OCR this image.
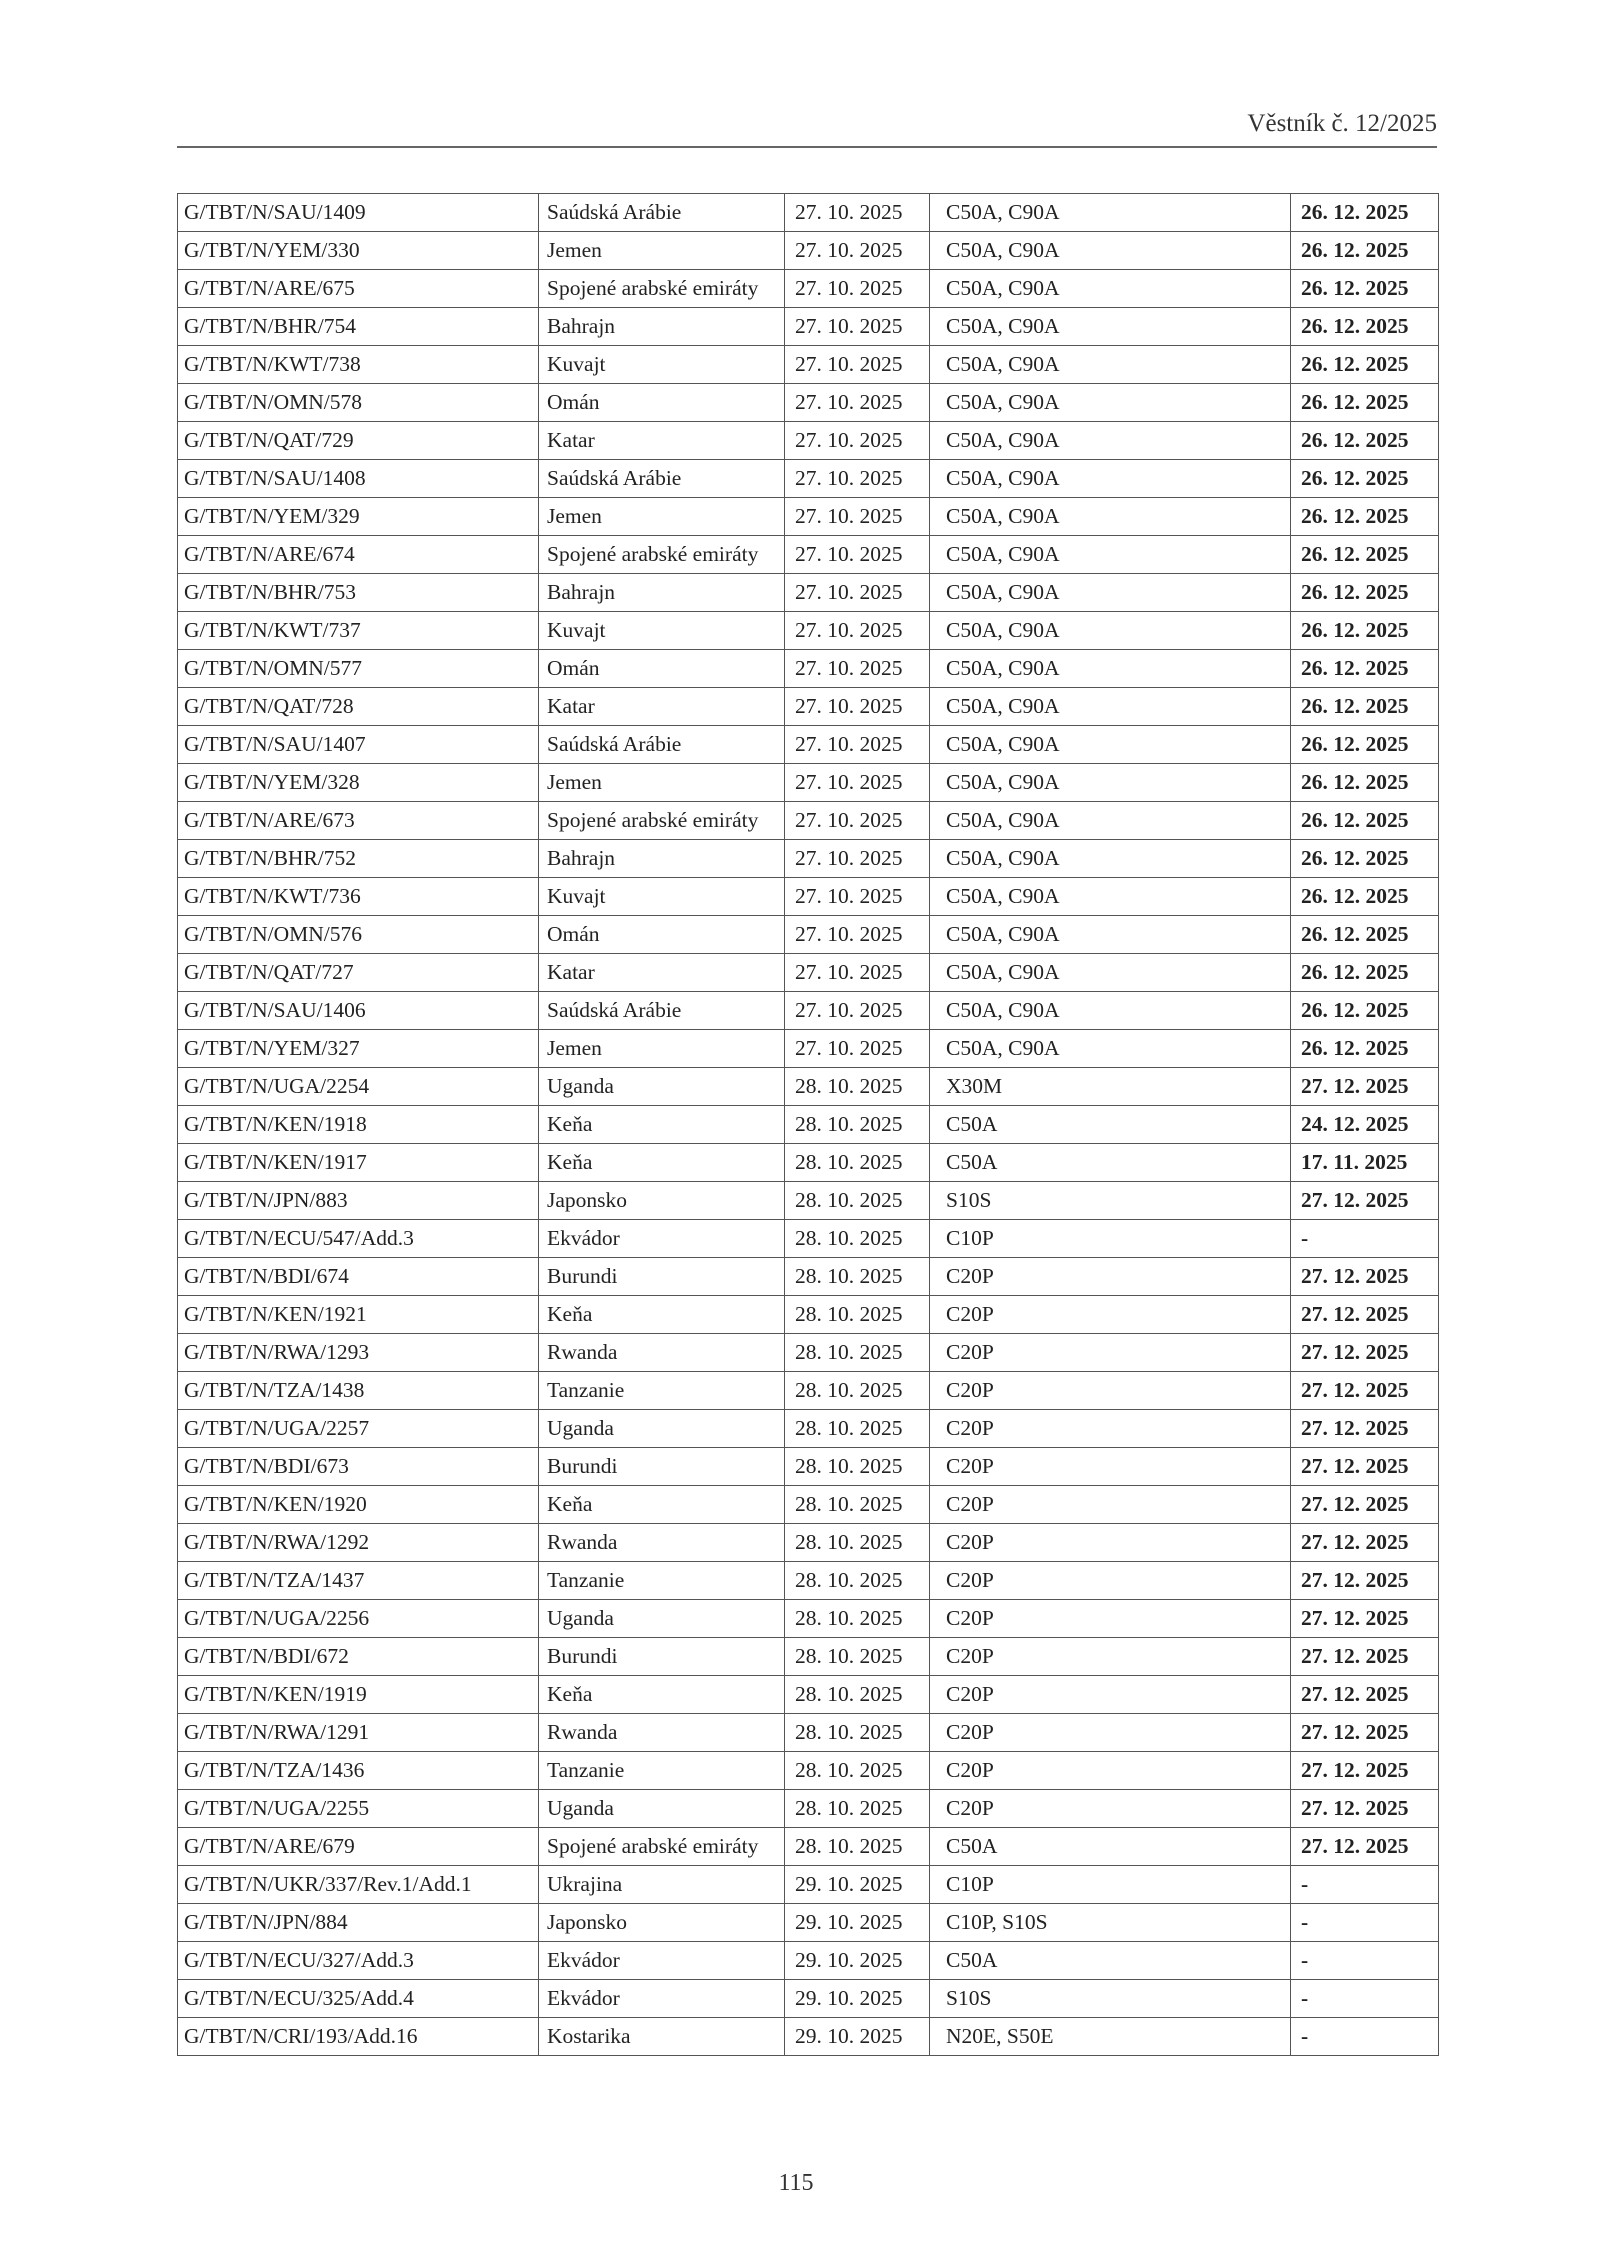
Věstník č. 12/2025
G/TBT/N/SAU/1409	Saúdská Arábie	27. 10. 2025	C50A, C90A	26. 12. 2025
G/TBT/N/YEM/330	Jemen	27. 10. 2025	C50A, C90A	26. 12. 2025
G/TBT/N/ARE/675	Spojené arabské emiráty	27. 10. 2025	C50A, C90A	26. 12. 2025
G/TBT/N/BHR/754	Bahrajn	27. 10. 2025	C50A, C90A	26. 12. 2025
G/TBT/N/KWT/738	Kuvajt	27. 10. 2025	C50A, C90A	26. 12. 2025
G/TBT/N/OMN/578	Omán	27. 10. 2025	C50A, C90A	26. 12. 2025
G/TBT/N/QAT/729	Katar	27. 10. 2025	C50A, C90A	26. 12. 2025
G/TBT/N/SAU/1408	Saúdská Arábie	27. 10. 2025	C50A, C90A	26. 12. 2025
G/TBT/N/YEM/329	Jemen	27. 10. 2025	C50A, C90A	26. 12. 2025
G/TBT/N/ARE/674	Spojené arabské emiráty	27. 10. 2025	C50A, C90A	26. 12. 2025
G/TBT/N/BHR/753	Bahrajn	27. 10. 2025	C50A, C90A	26. 12. 2025
G/TBT/N/KWT/737	Kuvajt	27. 10. 2025	C50A, C90A	26. 12. 2025
G/TBT/N/OMN/577	Omán	27. 10. 2025	C50A, C90A	26. 12. 2025
G/TBT/N/QAT/728	Katar	27. 10. 2025	C50A, C90A	26. 12. 2025
G/TBT/N/SAU/1407	Saúdská Arábie	27. 10. 2025	C50A, C90A	26. 12. 2025
G/TBT/N/YEM/328	Jemen	27. 10. 2025	C50A, C90A	26. 12. 2025
G/TBT/N/ARE/673	Spojené arabské emiráty	27. 10. 2025	C50A, C90A	26. 12. 2025
G/TBT/N/BHR/752	Bahrajn	27. 10. 2025	C50A, C90A	26. 12. 2025
G/TBT/N/KWT/736	Kuvajt	27. 10. 2025	C50A, C90A	26. 12. 2025
G/TBT/N/OMN/576	Omán	27. 10. 2025	C50A, C90A	26. 12. 2025
G/TBT/N/QAT/727	Katar	27. 10. 2025	C50A, C90A	26. 12. 2025
G/TBT/N/SAU/1406	Saúdská Arábie	27. 10. 2025	C50A, C90A	26. 12. 2025
G/TBT/N/YEM/327	Jemen	27. 10. 2025	C50A, C90A	26. 12. 2025
G/TBT/N/UGA/2254	Uganda	28. 10. 2025	X30M	27. 12. 2025
G/TBT/N/KEN/1918	Keňa	28. 10. 2025	C50A	24. 12. 2025
G/TBT/N/KEN/1917	Keňa	28. 10. 2025	C50A	17. 11. 2025
G/TBT/N/JPN/883	Japonsko	28. 10. 2025	S10S	27. 12. 2025
G/TBT/N/ECU/547/Add.3	Ekvádor	28. 10. 2025	C10P	-
G/TBT/N/BDI/674	Burundi	28. 10. 2025	C20P	27. 12. 2025
G/TBT/N/KEN/1921	Keňa	28. 10. 2025	C20P	27. 12. 2025
G/TBT/N/RWA/1293	Rwanda	28. 10. 2025	C20P	27. 12. 2025
G/TBT/N/TZA/1438	Tanzanie	28. 10. 2025	C20P	27. 12. 2025
G/TBT/N/UGA/2257	Uganda	28. 10. 2025	C20P	27. 12. 2025
G/TBT/N/BDI/673	Burundi	28. 10. 2025	C20P	27. 12. 2025
G/TBT/N/KEN/1920	Keňa	28. 10. 2025	C20P	27. 12. 2025
G/TBT/N/RWA/1292	Rwanda	28. 10. 2025	C20P	27. 12. 2025
G/TBT/N/TZA/1437	Tanzanie	28. 10. 2025	C20P	27. 12. 2025
G/TBT/N/UGA/2256	Uganda	28. 10. 2025	C20P	27. 12. 2025
G/TBT/N/BDI/672	Burundi	28. 10. 2025	C20P	27. 12. 2025
G/TBT/N/KEN/1919	Keňa	28. 10. 2025	C20P	27. 12. 2025
G/TBT/N/RWA/1291	Rwanda	28. 10. 2025	C20P	27. 12. 2025
G/TBT/N/TZA/1436	Tanzanie	28. 10. 2025	C20P	27. 12. 2025
G/TBT/N/UGA/2255	Uganda	28. 10. 2025	C20P	27. 12. 2025
G/TBT/N/ARE/679	Spojené arabské emiráty	28. 10. 2025	C50A	27. 12. 2025
G/TBT/N/UKR/337/Rev.1/Add.1	Ukrajina	29. 10. 2025	C10P	-
G/TBT/N/JPN/884	Japonsko	29. 10. 2025	C10P, S10S	-
G/TBT/N/ECU/327/Add.3	Ekvádor	29. 10. 2025	C50A	-
G/TBT/N/ECU/325/Add.4	Ekvádor	29. 10. 2025	S10S	-
G/TBT/N/CRI/193/Add.16	Kostarika	29. 10. 2025	N20E, S50E	-
115
